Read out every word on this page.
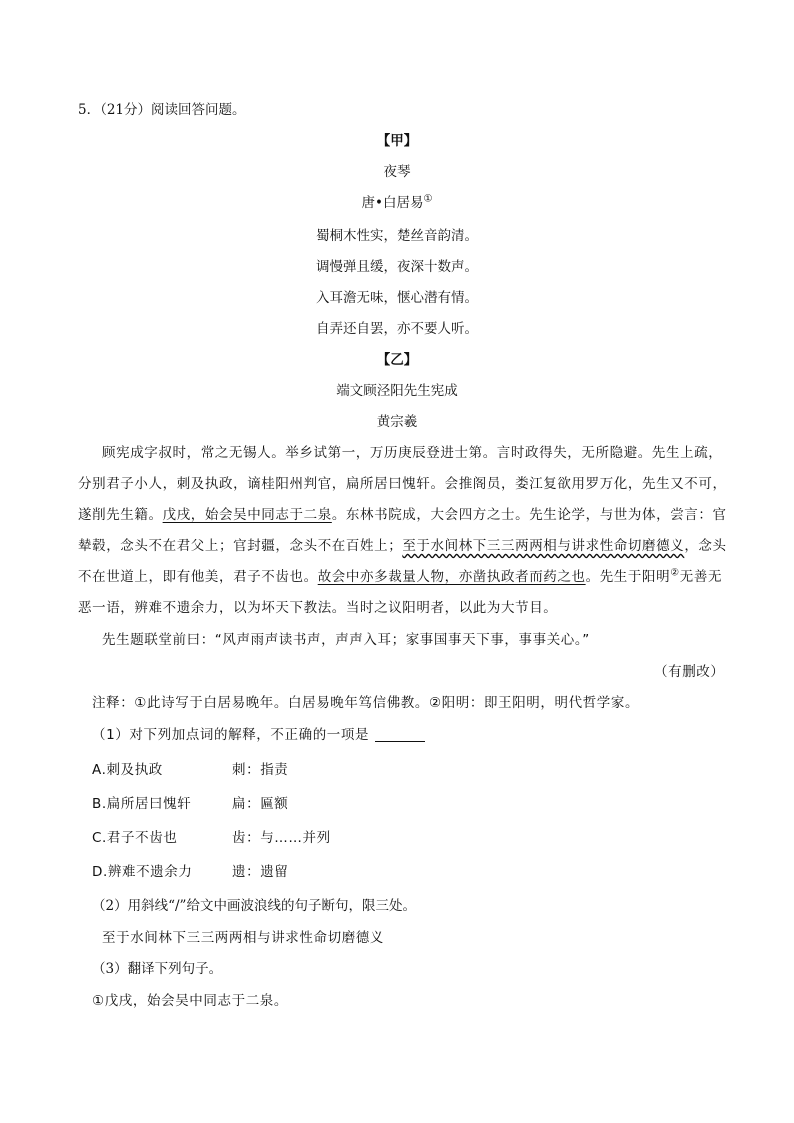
5．（21分）阅读回答问题。
【甲】
夜琴
唐•白居易①
蜀桐木性实，楚丝音韵清。
调慢弹且缓，夜深十数声。
入耳澹无味，惬心潜有情。
自弄还自罢，亦不要人听。
【乙】
端文顾泾阳先生宪成
黄宗羲
顾宪成字叔时，常之无锡人。举乡试第一，万历庚辰登进士第。言时政得失，无所隐避。先生上疏，
分别君子小人，刺及执政，谪桂阳州判官，扁所居曰愧轩。会推阁员，娄江复欲用罗万化，先生又不可，
遂削先生籍。戊戌，始会吴中同志于二泉。东林书院成，大会四方之士。先生论学，与世为体，尝言：官
辇毂，念头不在君父上；官封疆，念头不在百姓上；至于水间林下三三两两相与讲求性命切磨德义，念头
不在世道上，即有他美，君子不齿也。故会中亦多裁量人物，亦凿执政者而药之也。先生于阳明②无善无
恶一语，辨难不遗余力，以为坏天下教法。当时之议阳明者，以此为大节目。
先生题联堂前曰：“风声雨声读书声，声声入耳；家事国事天下事，事事关心。”
（有删改）
注释：①此诗写于白居易晚年。白居易晚年笃信佛教。②阳明：即王阳明，明代哲学家。
（1）对下列加点词的解释，不正确的一项是
A.刺及执政	刺：指责
B.扁所居曰愧轩	扁：匾额
C.君子不齿也	齿：与……并列
D.辨难不遗余力	遗：遗留
（2）用斜线“/”给文中画波浪线的句子断句，限三处。
至于水间林下三三两两相与讲求性命切磨德义
（3）翻译下列句子。
①戊戌，始会吴中同志于二泉。
